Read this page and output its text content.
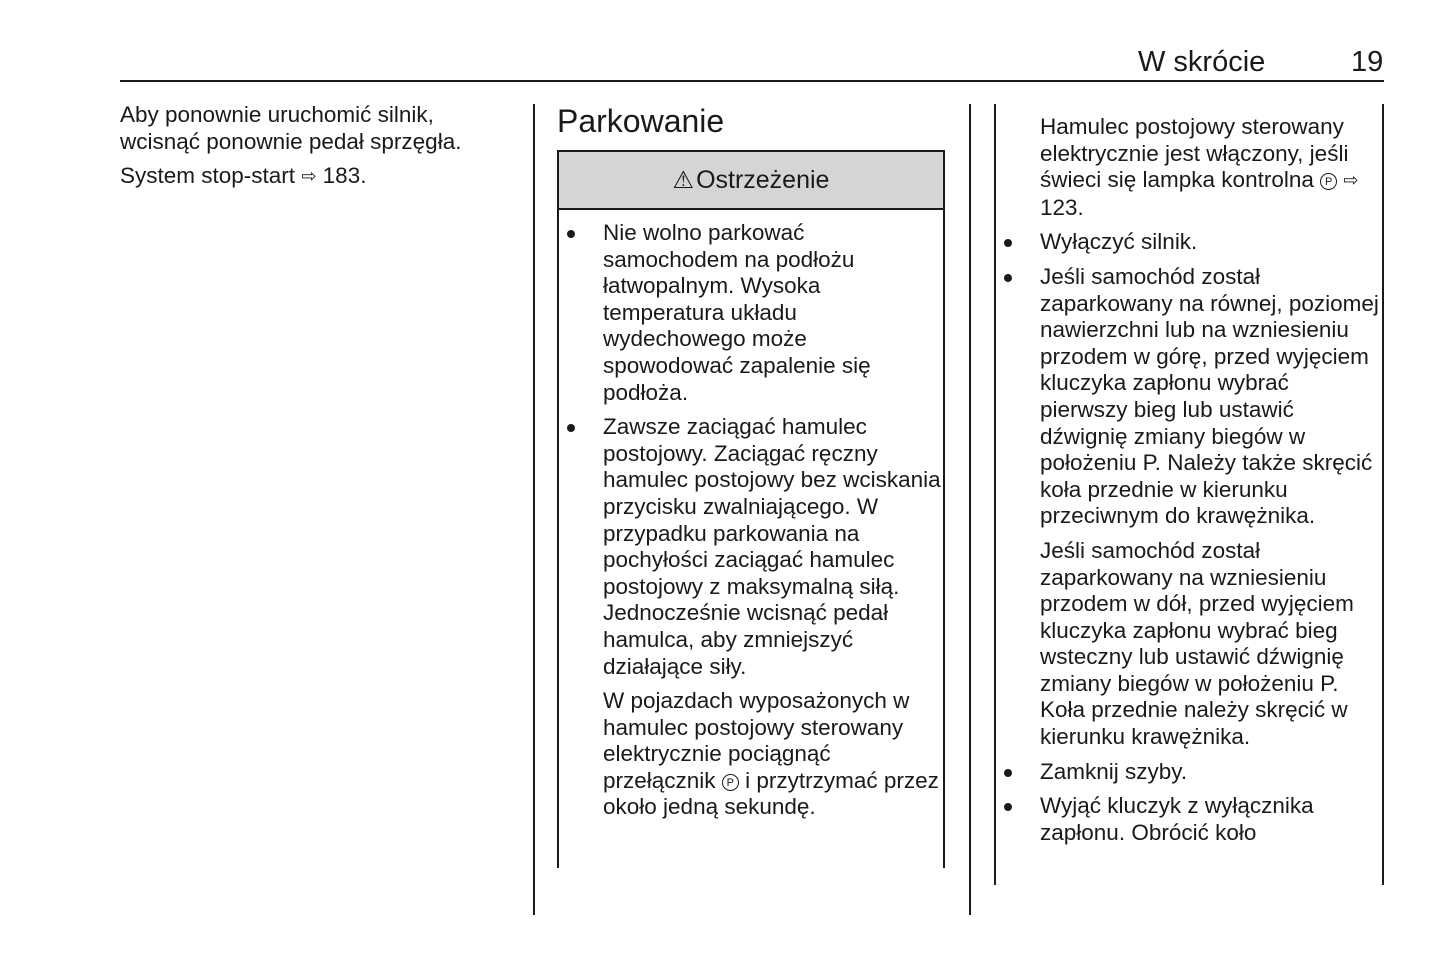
W skrócie	19

Aby ponownie uruchomić silnik, wcisnąć ponownie pedał sprzęgła.

System stop-start ⇨ 183.

Parkowanie
⚠ Ostrzeżenie
Nie wolno parkować samochodem na podłożu łatwopalnym. Wysoka temperatura układu wydechowego może spowodować zapalenie się podłoża.
Zawsze zaciągać hamulec postojowy. Zaciągać ręczny hamulec postojowy bez wciskania przycisku zwalniającego. W przypadku parkowania na pochyłości zaciągać hamulec postojowy z maksymalną siłą. Jednocześnie wcisnąć pedał hamulca, aby zmniejszyć działające siły.
W pojazdach wyposażonych w hamulec postojowy sterowany elektrycznie pociągnąć przełącznik P i przytrzymać przez około jedną sekundę.
Hamulec postojowy sterowany elektrycznie jest włączony, jeśli świeci się lampka kontrolna P ⇨ 123.
Wyłączyć silnik.
Jeśli samochód został zaparkowany na równej, poziomej nawierzchni lub na wzniesieniu przodem w górę, przed wyjęciem kluczyka zapłonu wybrać pierwszy bieg lub ustawić dźwignię zmiany biegów w położeniu P. Należy także skręcić koła przednie w kierunku przeciwnym do krawężnika.
Jeśli samochód został zaparkowany na wzniesieniu przodem w dół, przed wyjęciem kluczyka zapłonu wybrać bieg wsteczny lub ustawić dźwignię zmiany biegów w położeniu P. Koła przednie należy skręcić w kierunku krawężnika.
Zamknij szyby.
Wyjąć kluczyk z wyłącznika zapłonu. Obrócić koło
